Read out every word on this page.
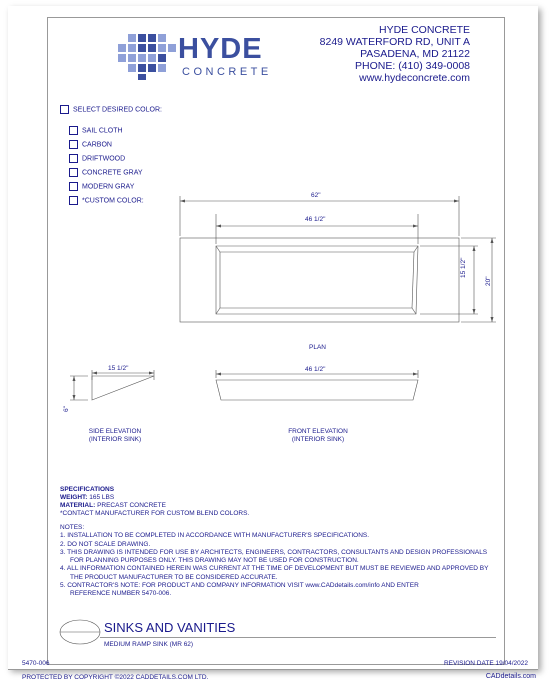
HYDE
CONCRETE
HYDE CONCRETE
8249 WATERFORD RD, UNIT A
PASADENA, MD 21122
PHONE: (410) 349-0008
www.hydeconcrete.com
SELECT DESIRED COLOR:
SAIL CLOTH
CARBON
DRIFTWOOD
CONCRETE GRAY
MODERN GRAY
*CUSTOM COLOR:
62"
46 1/2"
15 1/2"
20"
PLAN
15 1/2"
6"
46 1/2"
SIDE ELEVATION
(INTERIOR SINK)
FRONT ELEVATION
(INTERIOR SINK)
SPECIFICATIONS
WEIGHT: 165 LBS
MATERIAL: PRECAST CONCRETE
*CONTACT MANUFACTURER FOR CUSTOM BLEND COLORS.
NOTES:
1. INSTALLATION TO BE COMPLETED IN ACCORDANCE WITH MANUFACTURER'S SPECIFICATIONS.
2. DO NOT SCALE DRAWING.
3. THIS DRAWING IS INTENDED FOR USE BY ARCHITECTS, ENGINEERS, CONTRACTORS, CONSULTANTS AND DESIGN PROFESSIONALS
FOR PLANNING PURPOSES ONLY. THIS DRAWING MAY NOT BE USED FOR CONSTRUCTION.
4. ALL INFORMATION CONTAINED HEREIN WAS CURRENT AT THE TIME OF DEVELOPMENT BUT MUST BE REVIEWED AND APPROVED BY
THE PRODUCT MANUFACTURER TO BE CONSIDERED ACCURATE.
5. CONTRACTOR'S NOTE: FOR PRODUCT AND COMPANY INFORMATION VISIT www.CADdetails.com/info AND ENTER
REFERENCE NUMBER 5470-006.
SINKS AND VANITIES
MEDIUM RAMP SINK (MR 62)
5470-006	REVISION DATE 19/04/2022
PROTECTED BY COPYRIGHT ©2022 CADDETAILS.COM LTD.	CADdetails.com
